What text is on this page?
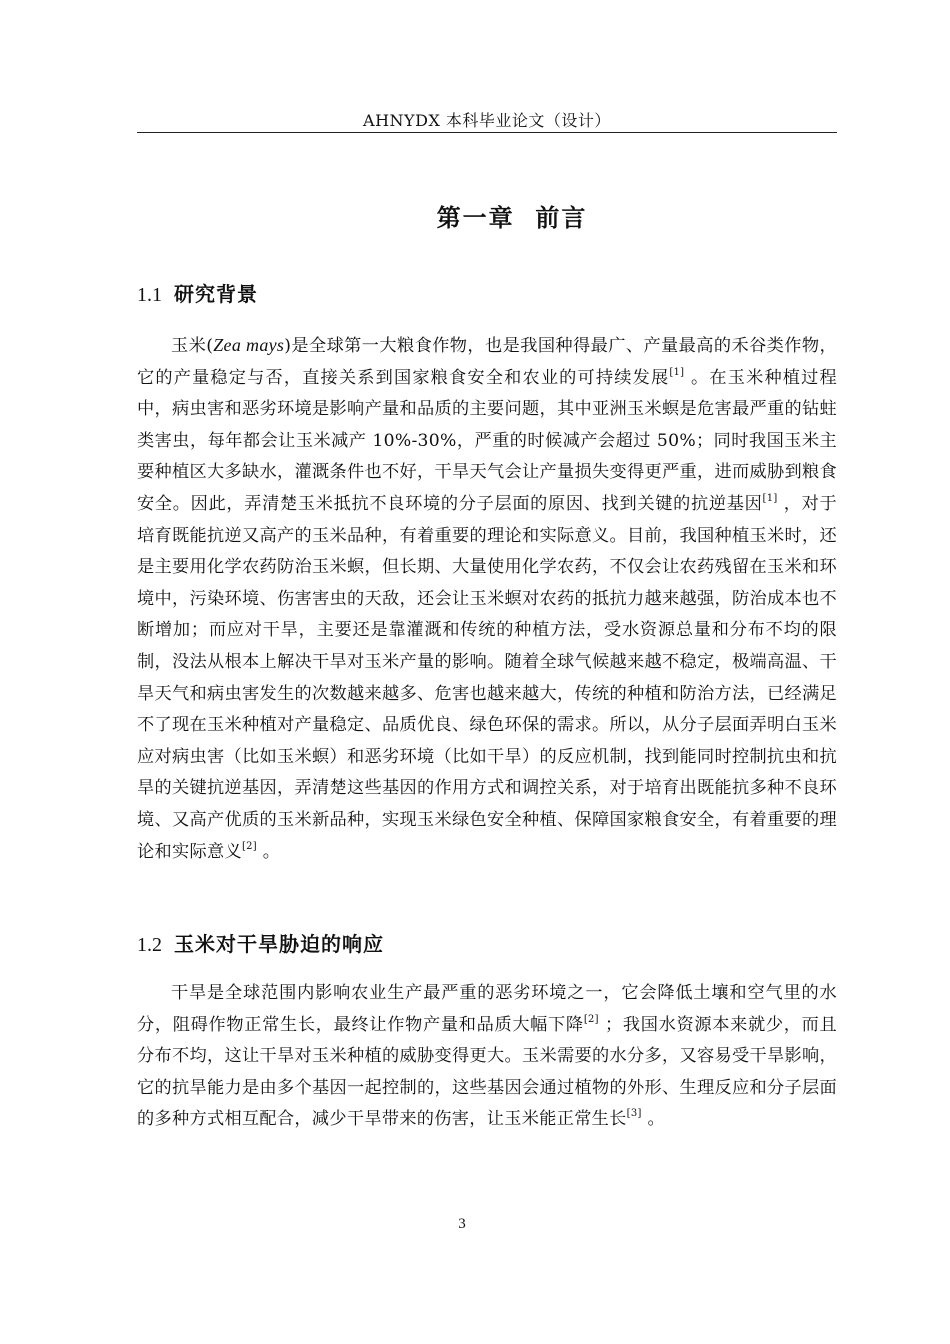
AHNYDX 本科毕业论文（设计）
第一章  前言
1.1 研究背景

玉米(Zea mays)是全球第一大粮食作物，也是我国种得最广、产量最高的禾谷类作物，它的产量稳定与否，直接关系到国家粮食安全和农业的可持续发展[1] 。在玉米种植过程中，病虫害和恶劣环境是影响产量和品质的主要问题，其中亚洲玉米螟是危害最严重的钻蛀类害虫，每年都会让玉米减产 10%-30%，严重的时候减产会超过 50%；同时我国玉米主要种植区大多缺水，灌溉条件也不好，干旱天气会让产量损失变得更严重，进而威胁到粮食安全。因此，弄清楚玉米抵抗不良环境的分子层面的原因、找到关键的抗逆基因[1] ，对于培育既能抗逆又高产的玉米品种，有着重要的理论和实际意义。目前，我国种植玉米时，还是主要用化学农药防治玉米螟，但长期、大量使用化学农药，不仅会让农药残留在玉米和环境中，污染环境、伤害害虫的天敌，还会让玉米螟对农药的抵抗力越来越强，防治成本也不断增加；而应对干旱，主要还是靠灌溉和传统的种植方法，受水资源总量和分布不均的限制，没法从根本上解决干旱对玉米产量的影响。随着全球气候越来越不稳定，极端高温、干旱天气和病虫害发生的次数越来越多、危害也越来越大，传统的种植和防治方法，已经满足不了现在玉米种植对产量稳定、品质优良、绿色环保的需求。所以，从分子层面弄明白玉米应对病虫害（比如玉米螟）和恶劣环境（比如干旱）的反应机制，找到能同时控制抗虫和抗旱的关键抗逆基因，弄清楚这些基因的作用方式和调控关系，对于培育出既能抗多种不良环境、又高产优质的玉米新品种，实现玉米绿色安全种植、保障国家粮食安全，有着重要的理论和实际意义[2] 。

1.2 玉米对干旱胁迫的响应

干旱是全球范围内影响农业生产最严重的恶劣环境之一，它会降低土壤和空气里的水分，阻碍作物正常生长，最终让作物产量和品质大幅下降[2] ；我国水资源本来就少，而且分布不均，这让干旱对玉米种植的威胁变得更大。玉米需要的水分多，又容易受干旱影响，它的抗旱能力是由多个基因一起控制的，这些基因会通过植物的外形、生理反应和分子层面的多种方式相互配合，减少干旱带来的伤害，让玉米能正常生长[3] 。

3
